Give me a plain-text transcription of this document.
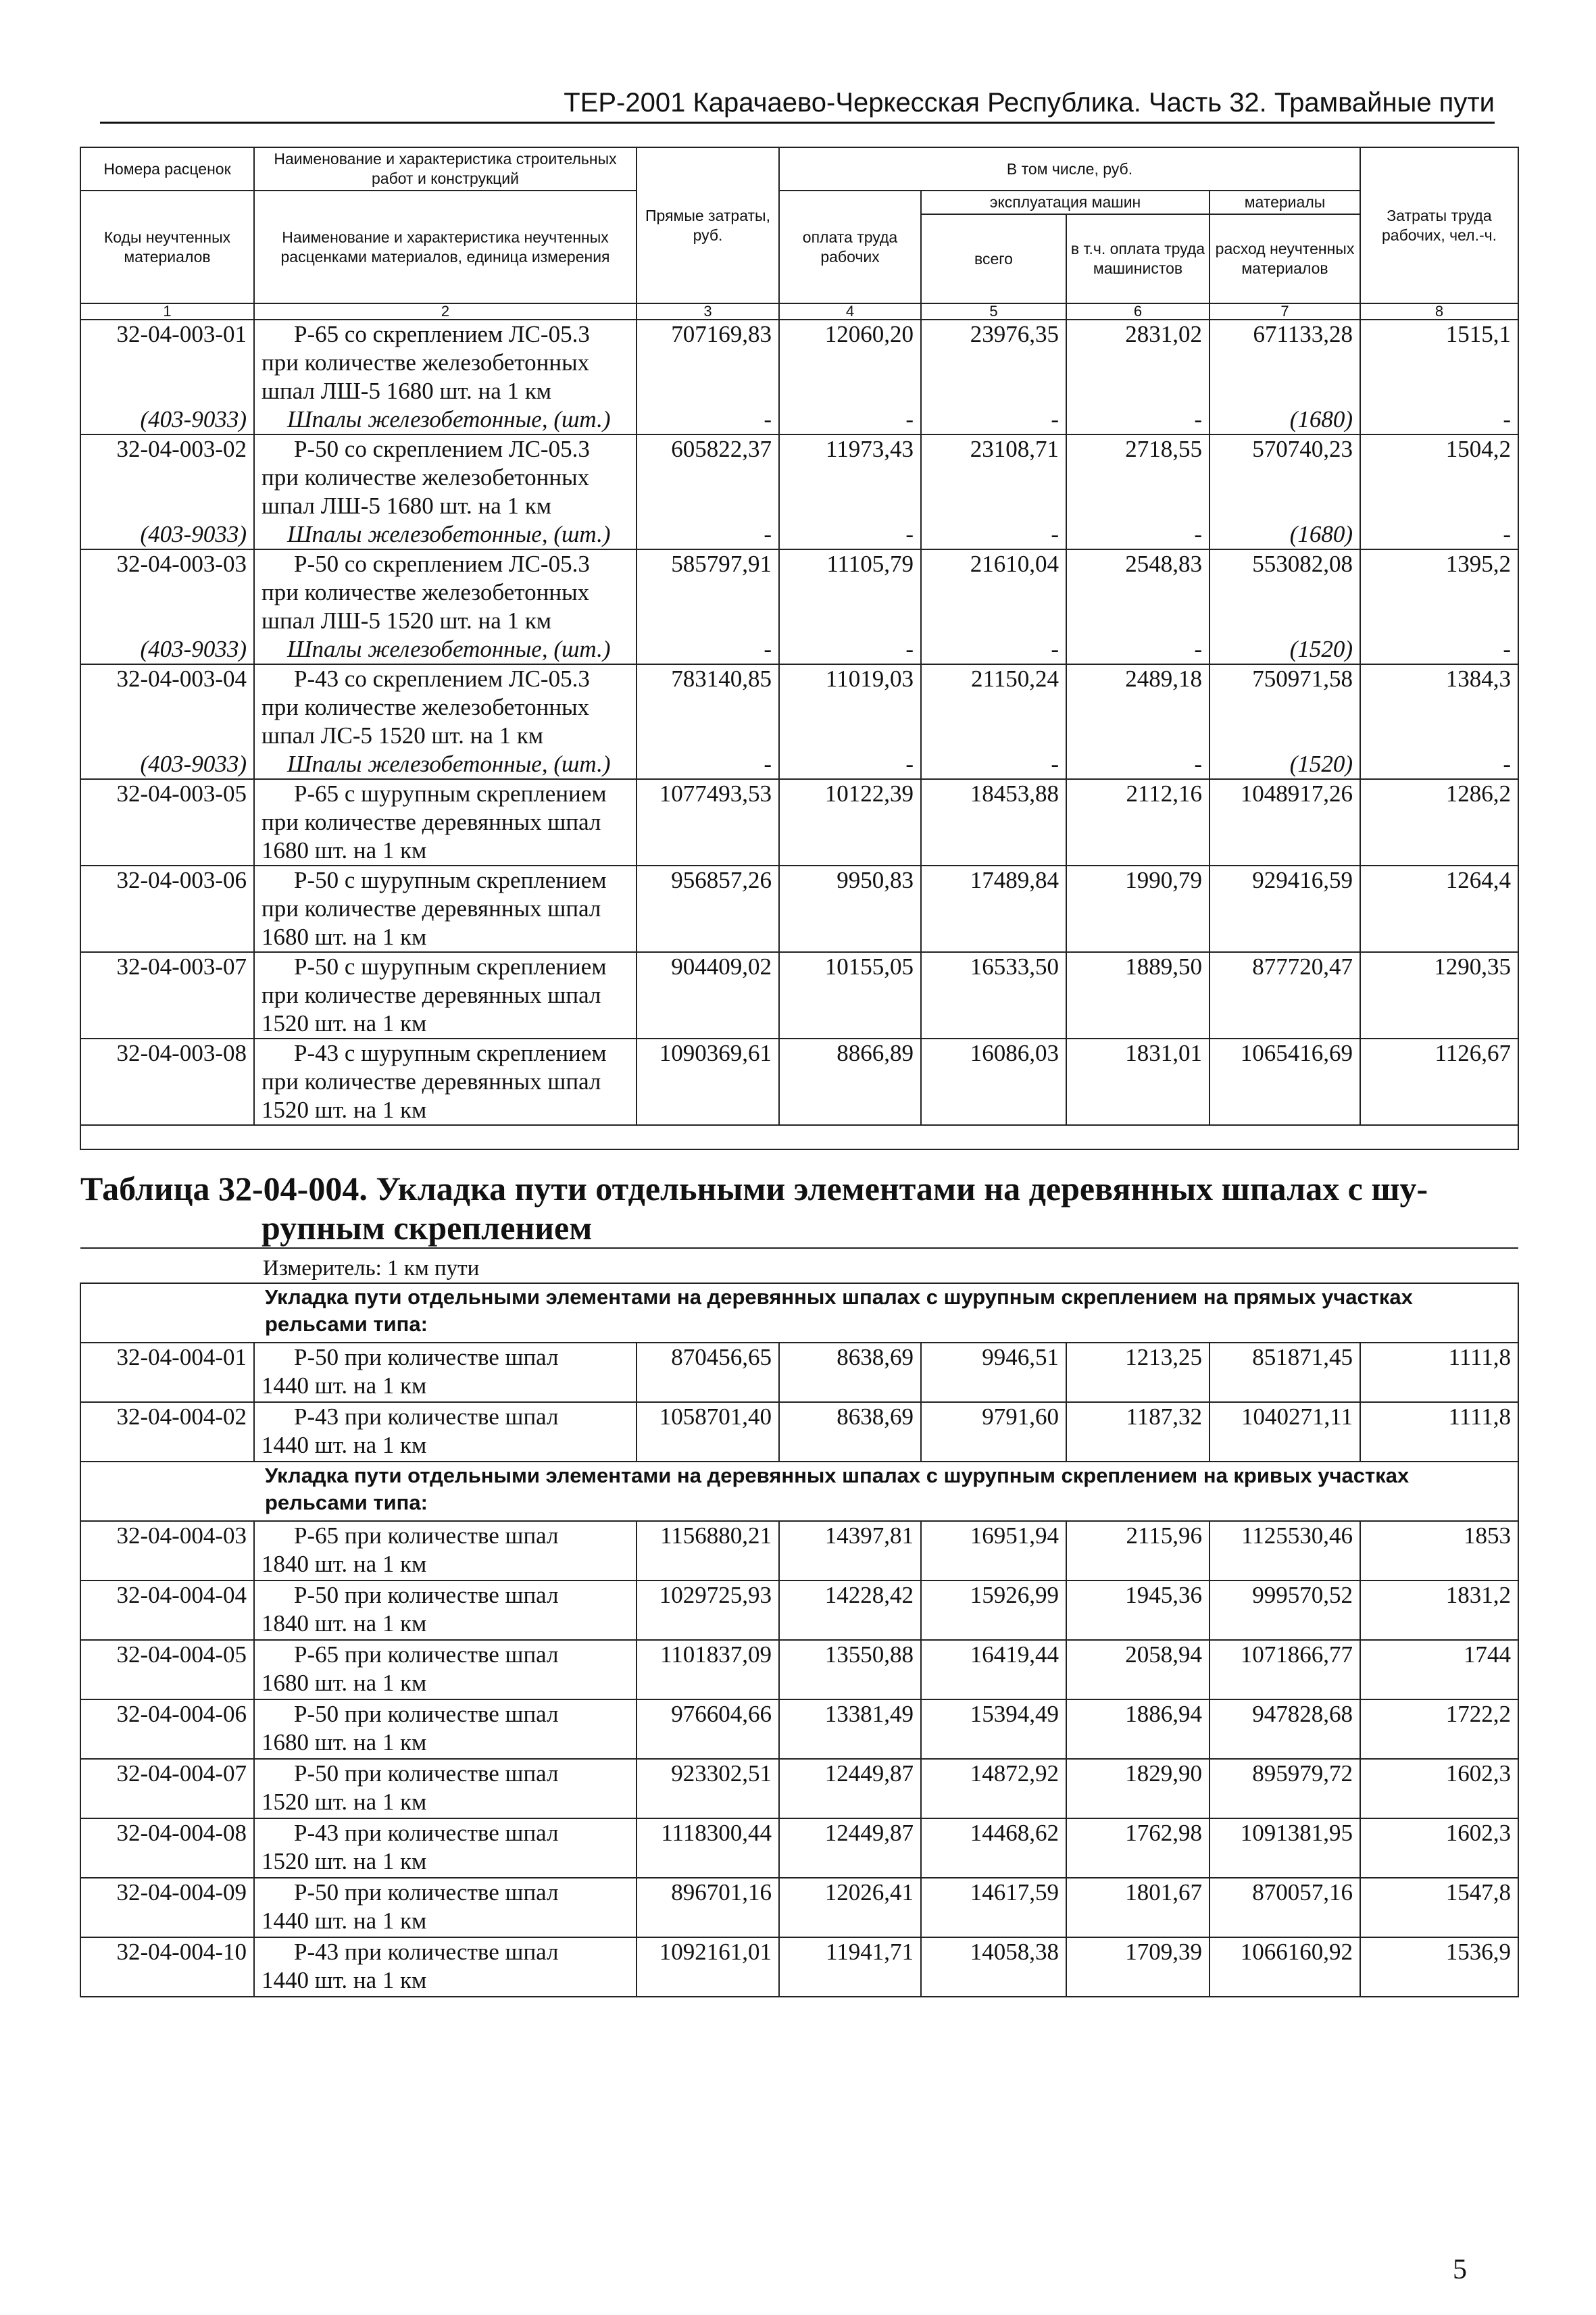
ТЕР-2001 Карачаево-Черкесская Республика. Часть 32. Трамвайные пути
Номера расценок	Наименование и характеристика строительных работ и конструкций	Прямые затраты, руб.	В том числе, руб.				Затраты труда рабочих, чел.-ч.
Коды неучтенных материалов	Наименование и характеристика неучтенных расценками материалов, единица измерения		оплата труда рабочих	эксплуатация машин		материалы	
				всего	в т.ч. оплата труда машинистов	расход неучтенных материалов	
1	2	3	4	5	6	7	8
32-04-003-01	Р-65 со скреплением ЛС-05.3
при количестве железобетонных
шпал ЛШ-5 1680 шт. на 1 км	707169,83	12060,20	23976,35	2831,02	671133,28	1515,1
(403-9033)	Шпалы железобетонные, (шт.)	-	-	-	-	(1680)	-
32-04-003-02	Р-50 со скреплением ЛС-05.3
при количестве железобетонных
шпал ЛШ-5 1680 шт. на 1 км	605822,37	11973,43	23108,71	2718,55	570740,23	1504,2
(403-9033)	Шпалы железобетонные, (шт.)	-	-	-	-	(1680)	-
32-04-003-03	Р-50 со скреплением ЛС-05.3
при количестве железобетонных
шпал ЛШ-5 1520 шт. на 1 км	585797,91	11105,79	21610,04	2548,83	553082,08	1395,2
(403-9033)	Шпалы железобетонные, (шт.)	-	-	-	-	(1520)	-
32-04-003-04	Р-43 со скреплением ЛС-05.3
при количестве железобетонных
шпал ЛС-5 1520 шт. на 1 км	783140,85	11019,03	21150,24	2489,18	750971,58	1384,3
(403-9033)	Шпалы железобетонные, (шт.)	-	-	-	-	(1520)	-
32-04-003-05	Р-65 с шурупным скреплением
при количестве деревянных шпал
1680 шт. на 1 км	1077493,53	10122,39	18453,88	2112,16	1048917,26	1286,2
32-04-003-06	Р-50 с шурупным скреплением
при количестве деревянных шпал
1680 шт. на 1 км	956857,26	9950,83	17489,84	1990,79	929416,59	1264,4
32-04-003-07	Р-50 с шурупным скреплением
при количестве деревянных шпал
1520 шт. на 1 км	904409,02	10155,05	16533,50	1889,50	877720,47	1290,35
32-04-003-08	Р-43 с шурупным скреплением
при количестве деревянных шпал
1520 шт. на 1 км	1090369,61	8866,89	16086,03	1831,01	1065416,69	1126,67

Таблица 32-04-004. Укладка пути отдельными элементами на деревянных шпалах с шу-
рупным скреплением							

Измеритель: 1 км пути							
Укладка пути отдельными элементами на деревянных шпалах с шурупным скреплением на прямых участках рельсами типа:							
32-04-004-01	Р-50 при количестве шпал
1440 шт. на 1 км	870456,65	8638,69	9946,51	1213,25	851871,45	1111,8
32-04-004-02	Р-43 при количестве шпал
1440 шт. на 1 км	1058701,40	8638,69	9791,60	1187,32	1040271,11	1111,8
Укладка пути отдельными элементами на деревянных шпалах с шурупным скреплением на кривых участках рельсами типа:							
32-04-004-03	Р-65 при количестве шпал
1840 шт. на 1 км	1156880,21	14397,81	16951,94	2115,96	1125530,46	1853
32-04-004-04	Р-50 при количестве шпал
1840 шт. на 1 км	1029725,93	14228,42	15926,99	1945,36	999570,52	1831,2
32-04-004-05	Р-65 при количестве шпал
1680 шт. на 1 км	1101837,09	13550,88	16419,44	2058,94	1071866,77	1744
32-04-004-06	Р-50 при количестве шпал
1680 шт. на 1 км	976604,66	13381,49	15394,49	1886,94	947828,68	1722,2
32-04-004-07	Р-50 при количестве шпал
1520 шт. на 1 км	923302,51	12449,87	14872,92	1829,90	895979,72	1602,3
32-04-004-08	Р-43 при количестве шпал
1520 шт. на 1 км	1118300,44	12449,87	14468,62	1762,98	1091381,95	1602,3
32-04-004-09	Р-50 при количестве шпал
1440 шт. на 1 км	896701,16	12026,41	14617,59	1801,67	870057,16	1547,8
32-04-004-10	Р-43 при количестве шпал
1440 шт. на 1 км	1092161,01	11941,71	14058,38	1709,39	1066160,92	1536,9
5
